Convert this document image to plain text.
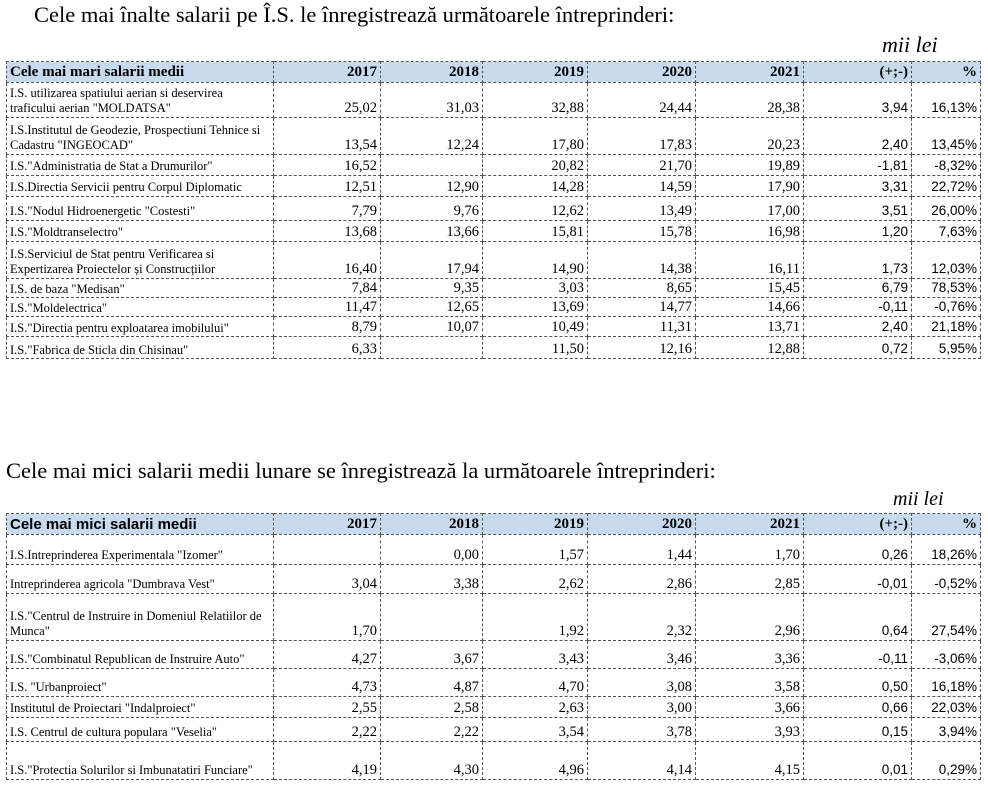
Cele mai înalte salarii pe Î.S. le înregistrează următoarele întreprinderi:
mii lei
Cele mai mari salarii medii	2017	2018	2019	2020	2021	(+;-)	%
I.S. utilizarea spatiului aerian si deservirea traficului aerian "MOLDATSA"	25,02	31,03	32,88	24,44	28,38	3,94	16,13%
I.S.Institutul de Geodezie, Prospectiuni Tehnice si Cadastru "INGEOCAD"	13,54	12,24	17,80	17,83	20,23	2,40	13,45%
I.S."Administratia de Stat a Drumurilor"	16,52		20,82	21,70	19,89	-1,81	-8,32%
I.S.Directia Servicii pentru Corpul Diplomatic	12,51	12,90	14,28	14,59	17,90	3,31	22,72%
I.S."Nodul Hidroenergetic "Costesti"	7,79	9,76	12,62	13,49	17,00	3,51	26,00%
I.S."Moldtranselectro"	13,68	13,66	15,81	15,78	16,98	1,20	7,63%
I.S.Serviciul de Stat pentru Verificarea si Expertizarea Proiectelor și Construcțiilor	16,40	17,94	14,90	14,38	16,11	1,73	12,03%
I.S. de baza "Medisan"	7,84	9,35	3,03	8,65	15,45	6,79	78,53%
I.S."Moldelectrica"	11,47	12,65	13,69	14,77	14,66	-0,11	-0,76%
I.S."Directia pentru exploatarea imobilului"	8,79	10,07	10,49	11,31	13,71	2,40	21,18%
I.S."Fabrica de Sticla din Chisinau"	6,33		11,50	12,16	12,88	0,72	5,95%
Cele mai mici salarii medii lunare se înregistrează la următoarele întreprinderi:
mii lei
Cele mai mici salarii medii	2017	2018	2019	2020	2021	(+;-)	%
I.S.Intreprinderea Experimentala "Izomer"		0,00	1,57	1,44	1,70	0,26	18,26%
Intreprinderea agricola "Dumbrava Vest"	3,04	3,38	2,62	2,86	2,85	-0,01	-0,52%
I.S."Centrul de Instruire in Domeniul Relatiilor de Munca"	1,70		1,92	2,32	2,96	0,64	27,54%
I.S."Combinatul Republican de Instruire Auto"	4,27	3,67	3,43	3,46	3,36	-0,11	-3,06%
I.S. "Urbanproiect"	4,73	4,87	4,70	3,08	3,58	0,50	16,18%
Institutul de Proiectari "Indalproiect"	2,55	2,58	2,63	3,00	3,66	0,66	22,03%
I.S. Centrul de cultura populara "Veselia"	2,22	2,22	3,54	3,78	3,93	0,15	3,94%
I.S."Protectia Solurilor si Imbunatatiri Funciare"	4,19	4,30	4,96	4,14	4,15	0,01	0,29%
